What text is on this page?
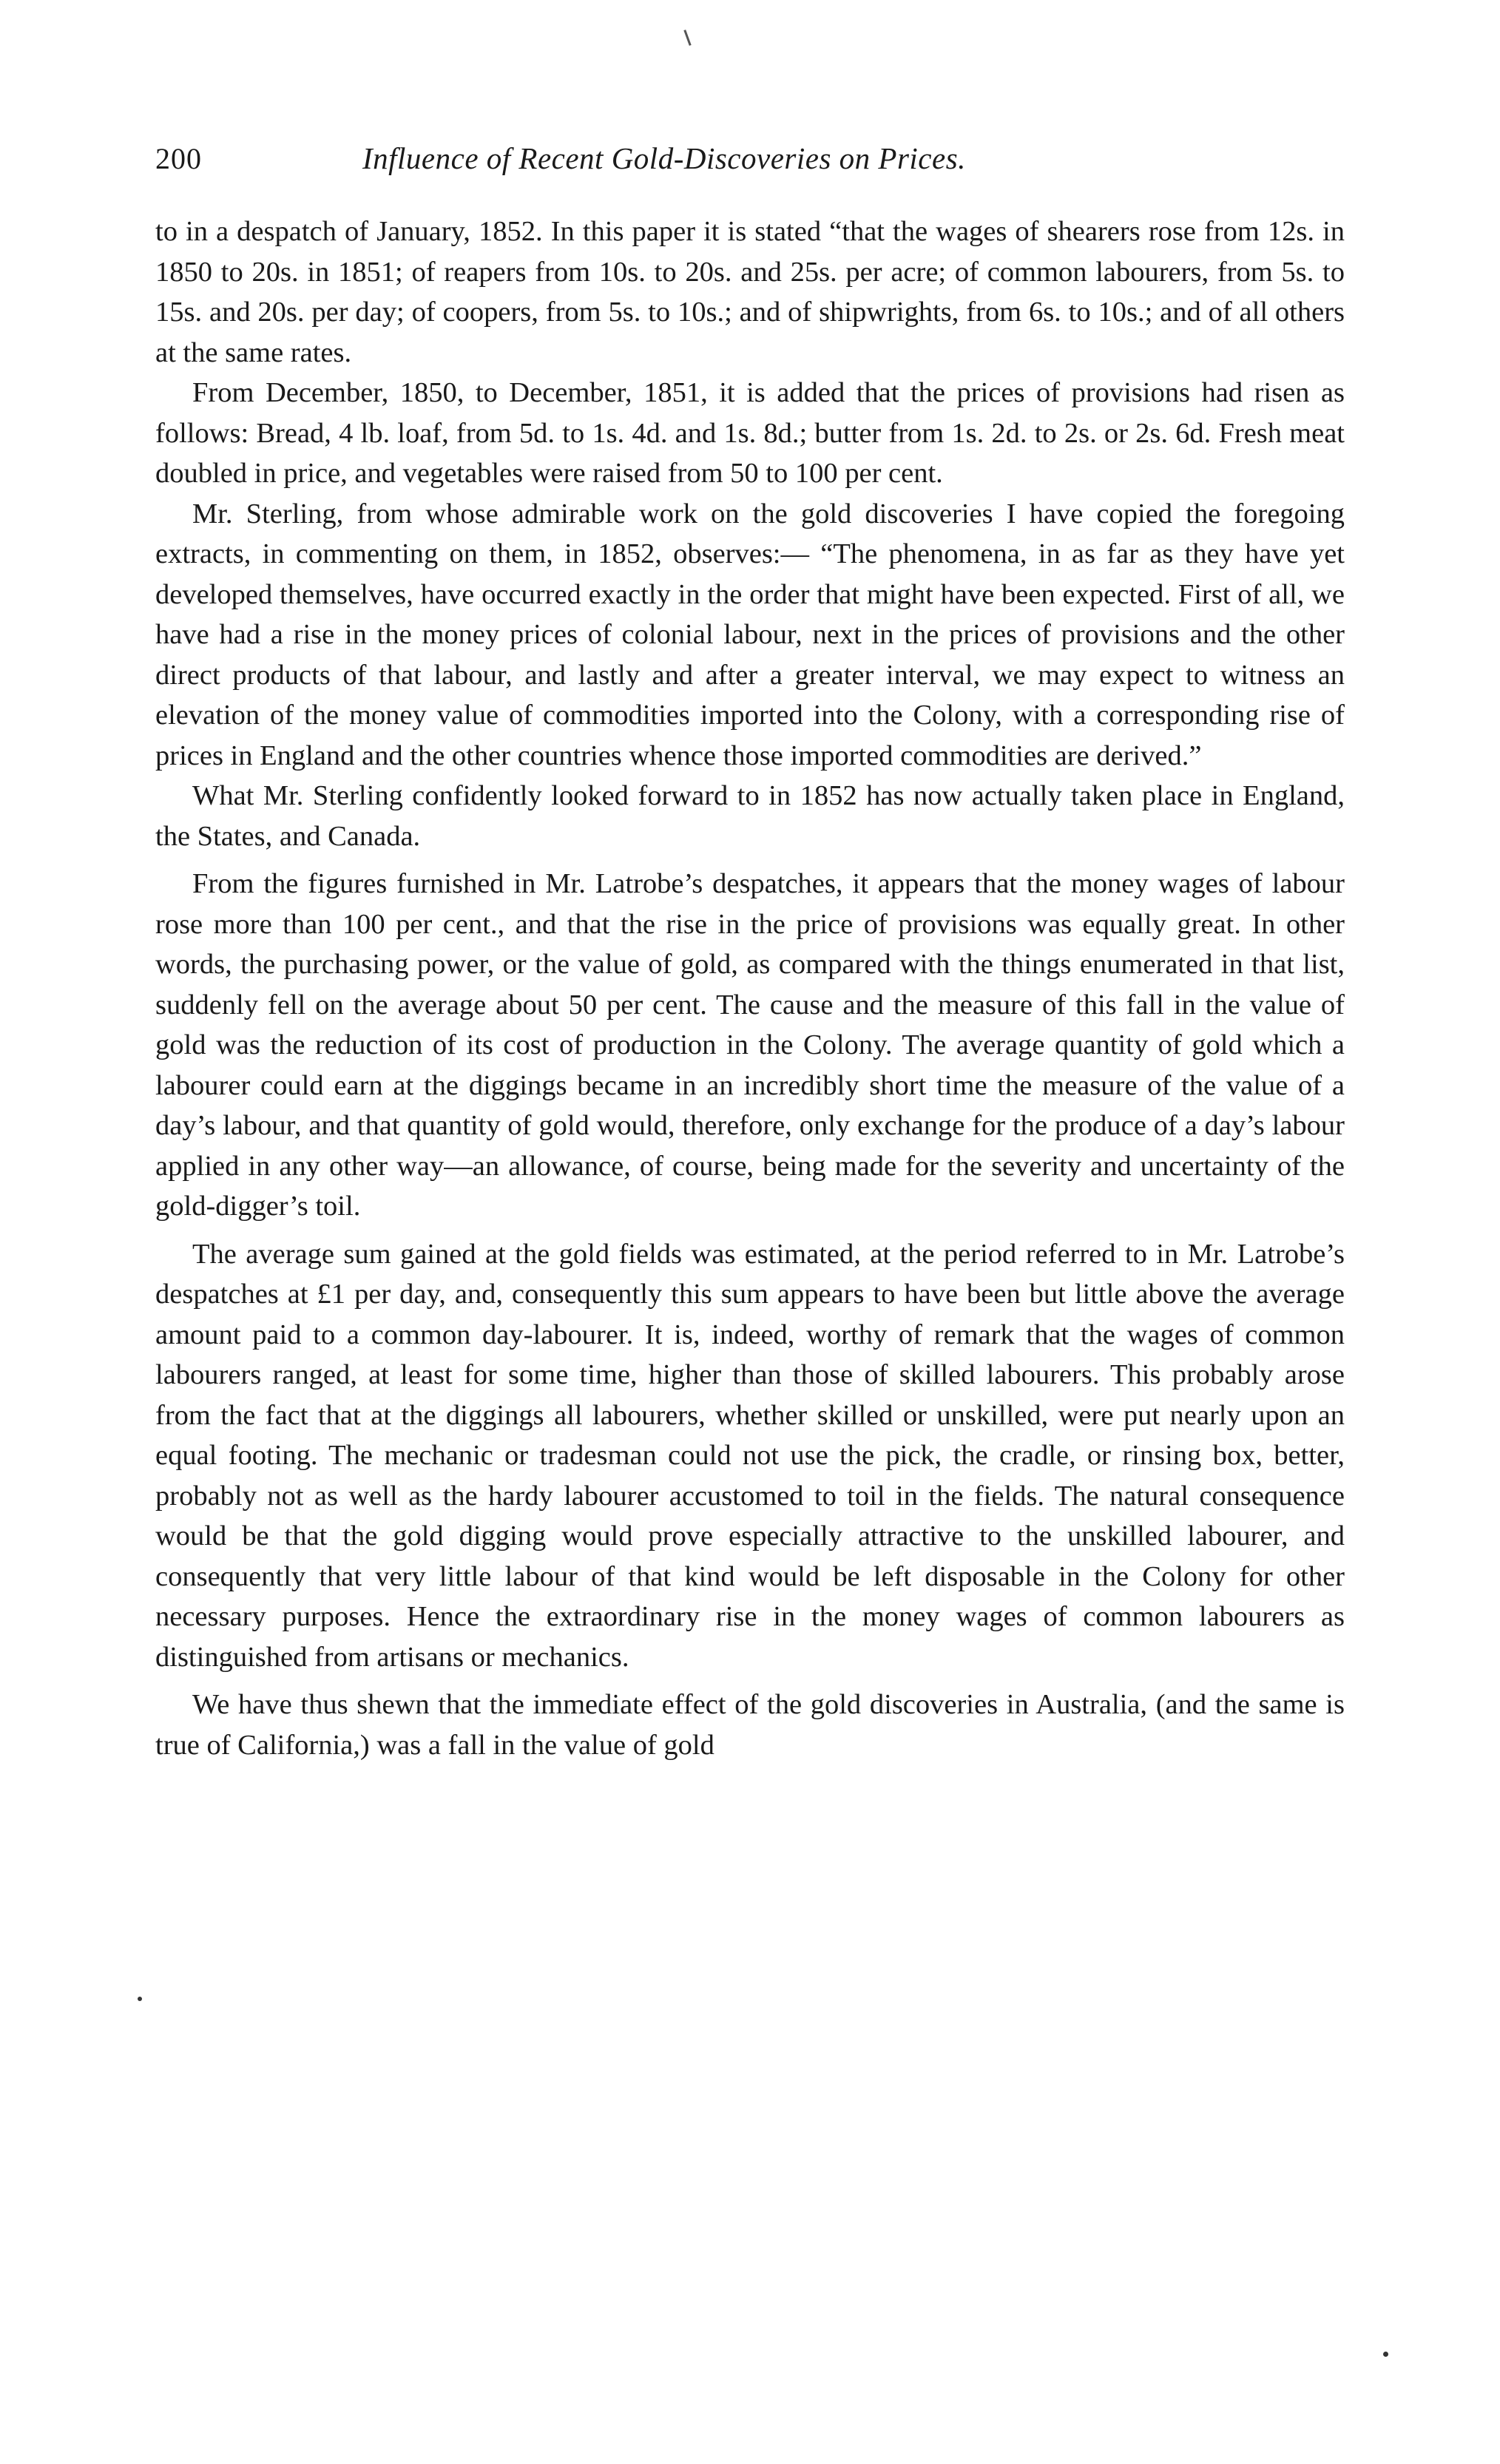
200	Influence of Recent Gold-Discoveries on Prices.

to in a despatch of January, 1852. In this paper it is stated “that the wages of shearers rose from 12s. in 1850 to 20s. in 1851; of reapers from 10s. to 20s. and 25s. per acre; of common labourers, from 5s. to 15s. and 20s. per day; of coopers, from 5s. to 10s.; and of shipwrights, from 6s. to 10s.; and of all others at the same rates.

From December, 1850, to December, 1851, it is added that the prices of provisions had risen as follows: Bread, 4 lb. loaf, from 5d. to 1s. 4d. and 1s. 8d.; butter from 1s. 2d. to 2s. or 2s. 6d. Fresh meat doubled in price, and vegetables were raised from 50 to 100 per cent.

Mr. Sterling, from whose admirable work on the gold discoveries I have copied the foregoing extracts, in commenting on them, in 1852, observes:— “The phenomena, in as far as they have yet developed themselves, have occurred exactly in the order that might have been expected. First of all, we have had a rise in the money prices of colonial labour, next in the prices of provisions and the other direct products of that labour, and lastly and after a greater interval, we may expect to witness an elevation of the money value of commodities imported into the Colony, with a corresponding rise of prices in England and the other countries whence those imported commodities are derived.”

What Mr. Sterling confidently looked forward to in 1852 has now actually taken place in England, the States, and Canada.

From the figures furnished in Mr. Latrobe’s despatches, it appears that the money wages of labour rose more than 100 per cent., and that the rise in the price of provisions was equally great. In other words, the purchasing power, or the value of gold, as compared with the things enumerated in that list, suddenly fell on the average about 50 per cent. The cause and the measure of this fall in the value of gold was the reduction of its cost of production in the Colony. The average quantity of gold which a labourer could earn at the diggings became in an incredibly short time the measure of the value of a day’s labour, and that quantity of gold would, therefore, only exchange for the produce of a day’s labour applied in any other way—an allowance, of course, being made for the severity and uncertainty of the gold-digger’s toil.

The average sum gained at the gold fields was estimated, at the period referred to in Mr. Latrobe’s despatches at £1 per day, and, consequently this sum appears to have been but little above the average amount paid to a common day-labourer. It is, indeed, worthy of remark that the wages of common labourers ranged, at least for some time, higher than those of skilled labourers. This probably arose from the fact that at the diggings all labourers, whether skilled or unskilled, were put nearly upon an equal footing. The mechanic or tradesman could not use the pick, the cradle, or rinsing box, better, probably not as well as the hardy labourer accustomed to toil in the fields. The natural consequence would be that the gold digging would prove especially attractive to the unskilled labourer, and consequently that very little labour of that kind would be left disposable in the Colony for other necessary purposes. Hence the extraordinary rise in the money wages of common labourers as distinguished from artisans or mechanics.

We have thus shewn that the immediate effect of the gold discoveries in Australia, (and the same is true of California,) was a fall in the value of gold
